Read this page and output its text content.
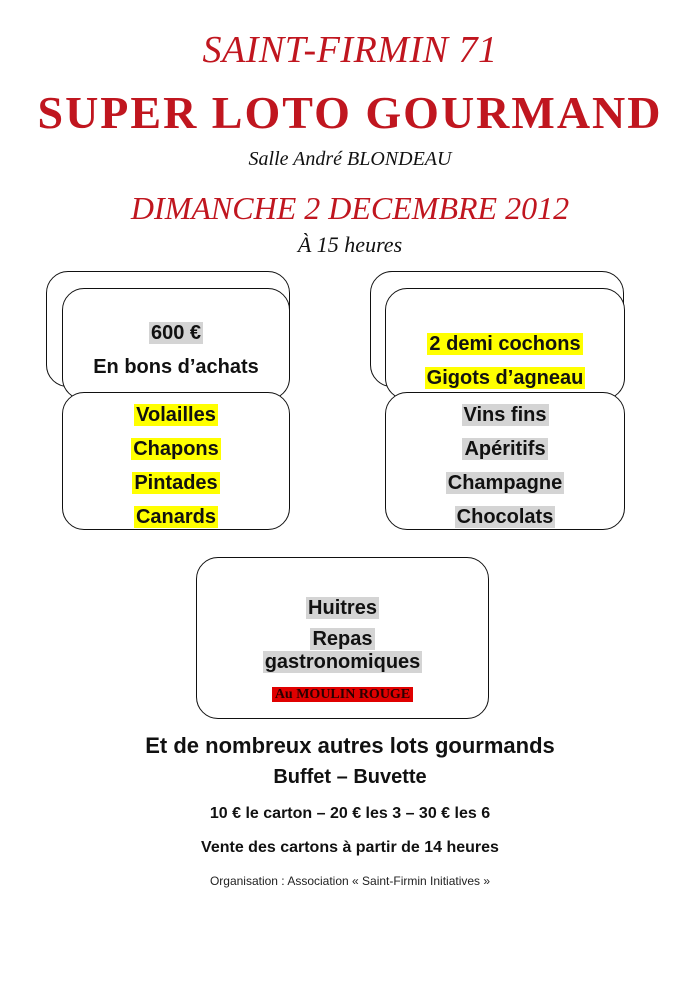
SAINT-FIRMIN 71
SUPER LOTO GOURMAND
Salle André BLONDEAU
DIMANCHE 2 DECEMBRE 2012
À 15 heures
600 €
En bons d’achats
Volailles
Chapons
Pintades
Canards
2 demi cochons
Gigots d’agneau
Vins fins
Apéritifs
Champagne
Chocolats
Huitres
Repas
gastronomiques
Au MOULIN ROUGE
Et de nombreux autres lots gourmands
Buffet – Buvette
10 € le carton – 20 € les 3 – 30 € les 6
Vente des cartons à partir de 14 heures
Organisation : Association « Saint-Firmin Initiatives »
